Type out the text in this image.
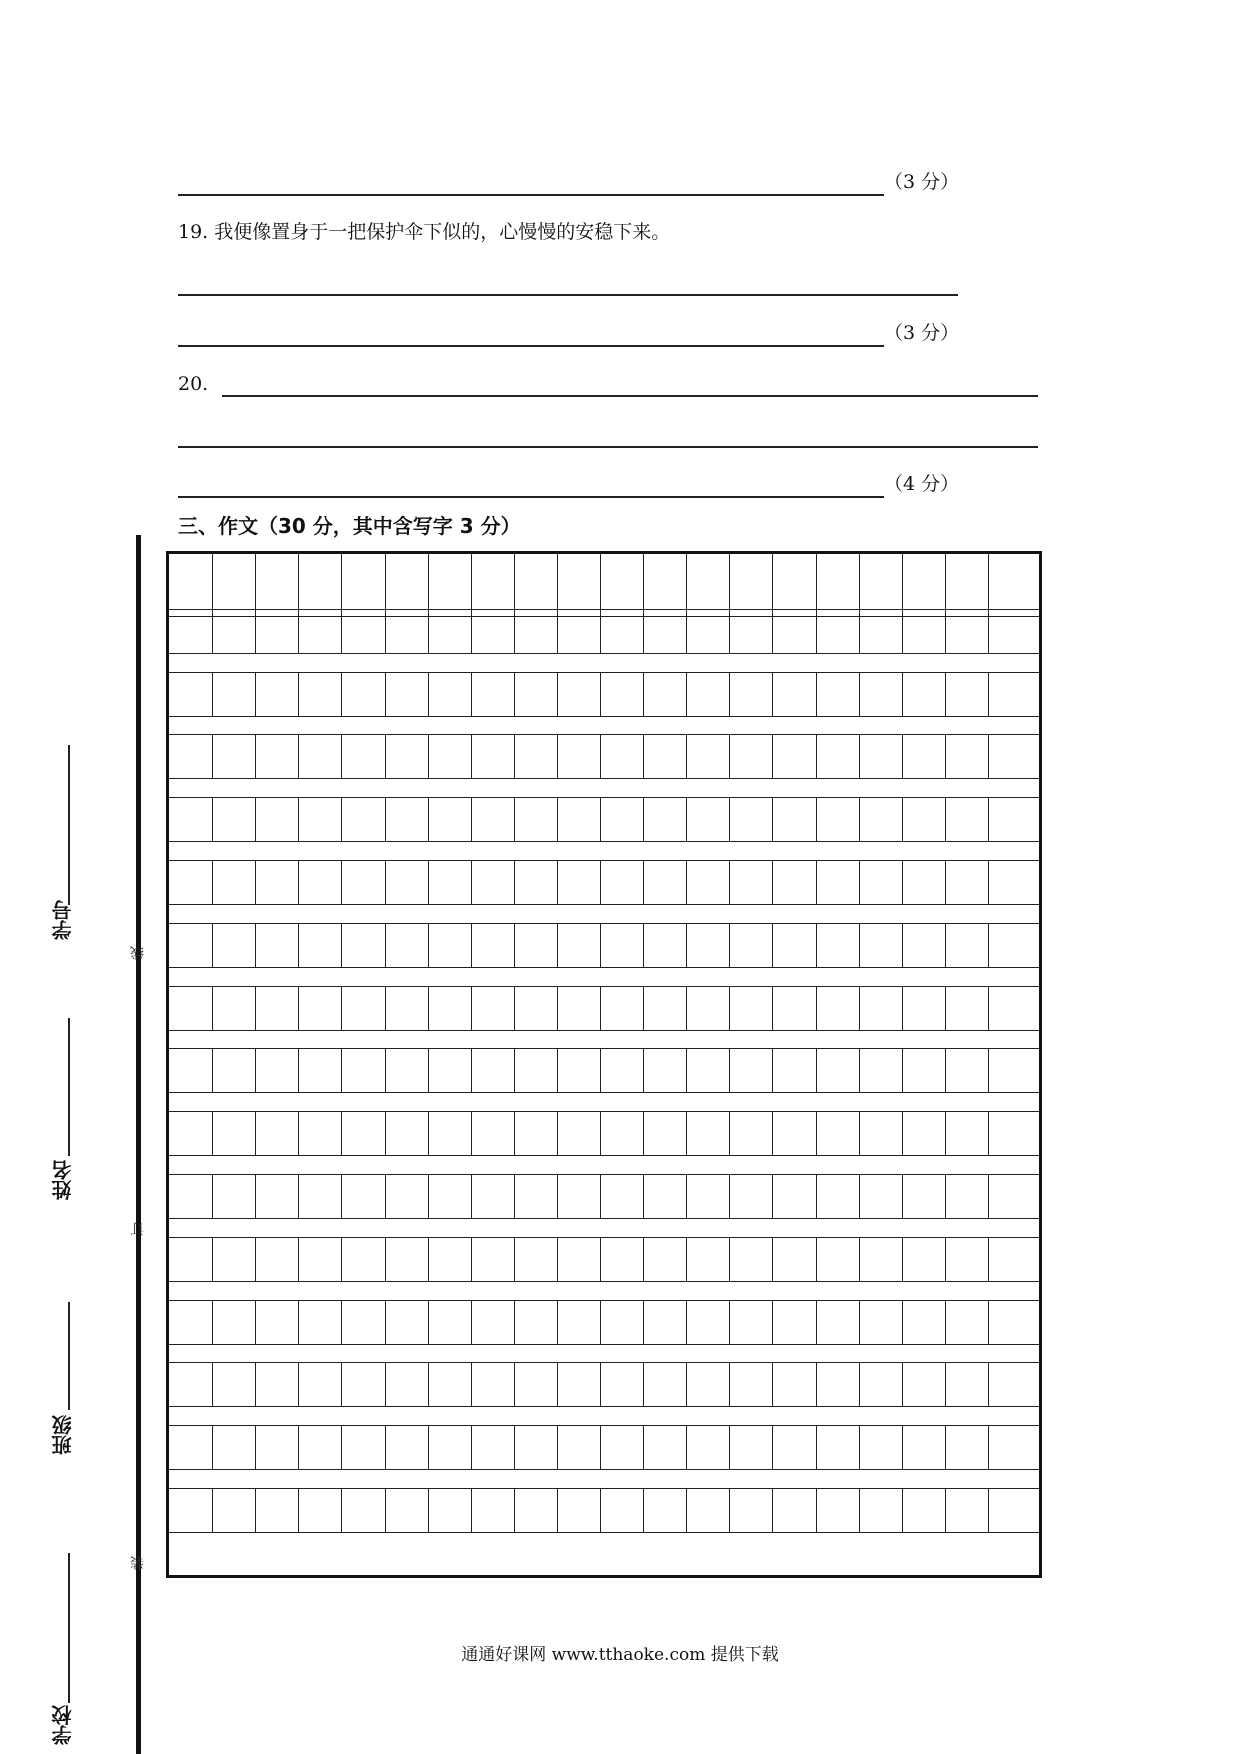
（3 分）
19. 我便像置身于一把保护伞下似的，心慢慢的安稳下来。
（3 分）
20.
（4 分）
三、作文（30 分，其中含写字 3 分）
学号
姓名
班级
学校
线
订
装
通通好课网 www.tthaoke.com 提供下载
